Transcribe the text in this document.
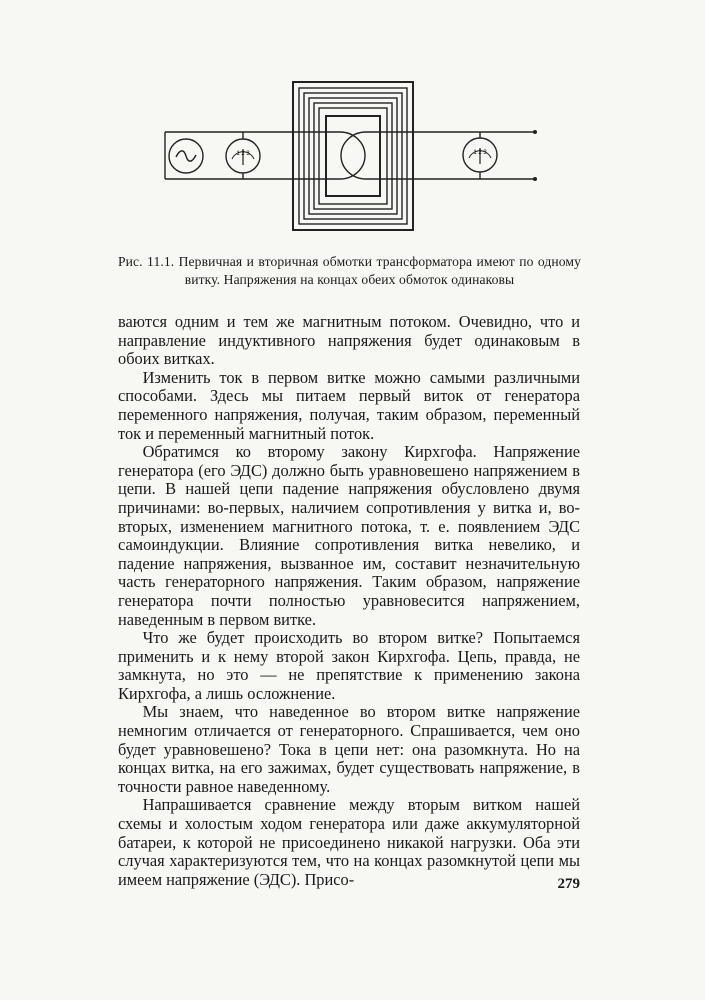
1 2 3	1 2 3
Рис. 11.1. Первичная и вторичная обмотки трансформатора имеют по одному витку. Напряжения на концах обеих обмоток одинаковы

ваются одним и тем же магнитным потоком. Очевидно, что и направление индуктивного напряжения будет одинаковым в обоих витках.

Изменить ток в первом витке можно самыми различными способами. Здесь мы питаем первый виток от генератора переменного напряжения, получая, таким образом, переменный ток и переменный магнитный поток.

Обратимся ко второму закону Кирхгофа. Напряжение генератора (его ЭДС) должно быть уравновешено напряжением в цепи. В нашей цепи падение напряжения обусловлено двумя причинами: во-первых, наличием сопротивления у витка и, во-вторых, изменением магнитного потока, т. е. появлением ЭДС самоиндукции. Влияние сопротивления витка невелико, и падение напряжения, вызванное им, составит незначительную часть генераторного напряжения. Таким образом, напряжение генератора почти полностью уравновесится напряжением, наведенным в первом витке.

Что же будет происходить во втором витке? Попытаемся применить и к нему второй закон Кирхгофа. Цепь, правда, не замкнута, но это — не препятствие к применению закона Кирхгофа, а лишь осложнение.

Мы знаем, что наведенное во втором витке напряжение немногим отличается от генераторного. Спрашивается, чем оно будет уравновешено? Тока в цепи нет: она разомкнута. Но на концах витка, на его зажимах, будет существовать напряжение, в точности равное наведенному.

Напрашивается сравнение между вторым витком нашей схемы и холостым ходом генератора или даже аккумуляторной батареи, к которой не присоединено никакой нагрузки. Оба эти случая характеризуются тем, что на концах разомкнутой цепи мы имеем напряжение (ЭДС). Присо-	279
